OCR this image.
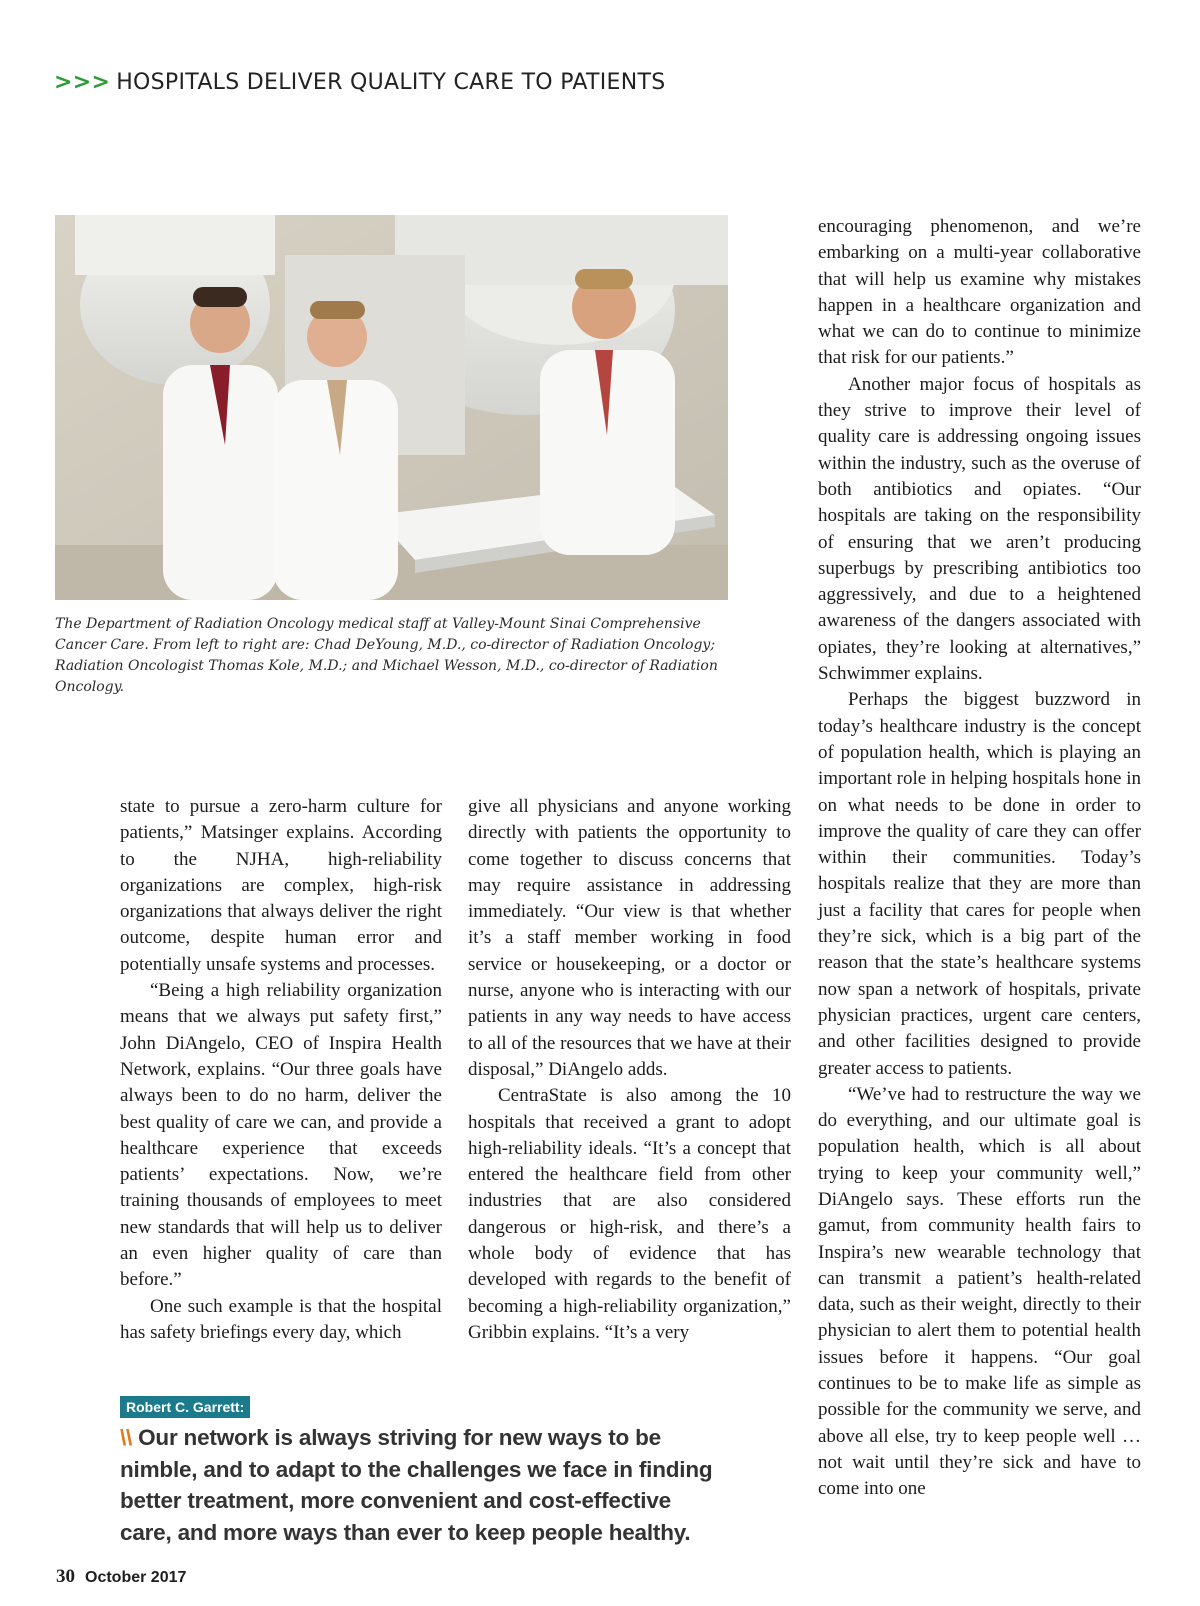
>>> HOSPITALS DELIVER QUALITY CARE TO PATIENTS
The Department of Radiation Oncology medical staff at Valley-Mount Sinai Comprehensive Cancer Care. From left to right are: Chad DeYoung, M.D., co-director of Radiation Oncology; Radiation Oncologist Thomas Kole, M.D.; and Michael Wesson, M.D., co-director of Radiation Oncology.

state to pursue a zero-harm culture for patients,” Matsinger explains. According to the NJHA, high-reliability organizations are complex, high-risk organizations that always deliver the right outcome, despite human error and potentially unsafe systems and processes.

“Being a high reliability organization means that we always put safety first,” John DiAngelo, CEO of Inspira Health Network, explains. “Our three goals have always been to do no harm, deliver the best quality of care we can, and provide a healthcare experience that exceeds patients’ expectations. Now, we’re training thousands of employees to meet new standards that will help us to deliver an even higher quality of care than before.”

One such example is that the hospital has safety briefings every day, which

give all physicians and anyone working directly with patients the opportunity to come together to discuss concerns that may require assistance in addressing immediately. “Our view is that whether it’s a staff member working in food service or housekeeping, or a doctor or nurse, anyone who is interacting with our patients in any way needs to have access to all of the resources that we have at their disposal,” DiAngelo adds.

CentraState is also among the 10 hospitals that received a grant to adopt high-reliability ideals. “It’s a concept that entered the healthcare field from other industries that are also considered dangerous or high-risk, and there’s a whole body of evidence that has developed with regards to the benefit of becoming a high-reliability organization,” Gribbin explains. “It’s a very

encouraging phenomenon, and we’re embarking on a multi-year collaborative that will help us examine why mistakes happen in a healthcare organization and what we can do to continue to minimize that risk for our patients.”

Another major focus of hospitals as they strive to improve their level of quality care is addressing ongoing issues within the industry, such as the overuse of both antibiotics and opiates. “Our hospitals are taking on the responsibility of ensuring that we aren’t producing superbugs by prescribing antibiotics too aggressively, and due to a heightened awareness of the dangers associated with opiates, they’re looking at alternatives,” Schwimmer explains.

Perhaps the biggest buzzword in today’s healthcare industry is the concept of population health, which is playing an important role in helping hospitals hone in on what needs to be done in order to improve the quality of care they can offer within their communities. Today’s hospitals realize that they are more than just a facility that cares for people when they’re sick, which is a big part of the reason that the state’s healthcare systems now span a network of hospitals, private physician practices, urgent care centers, and other facilities designed to provide greater access to patients.

“We’ve had to restructure the way we do everything, and our ultimate goal is population health, which is all about trying to keep your community well,” DiAngelo says. These efforts run the gamut, from community health fairs to Inspira’s new wearable technology that can transmit a patient’s health-related data, such as their weight, directly to their physician to alert them to potential health issues before it happens. “Our goal continues to be to make life as simple as possible for the community we serve, and above all else, try to keep people well … not wait until they’re sick and have to come into one

Robert C. Garrett:
\\ Our network is always striving for new ways to be nimble, and to adapt to the challenges we face in finding better treatment, more convenient and cost-effective care, and more ways than ever to keep people healthy.
30 October 2017
